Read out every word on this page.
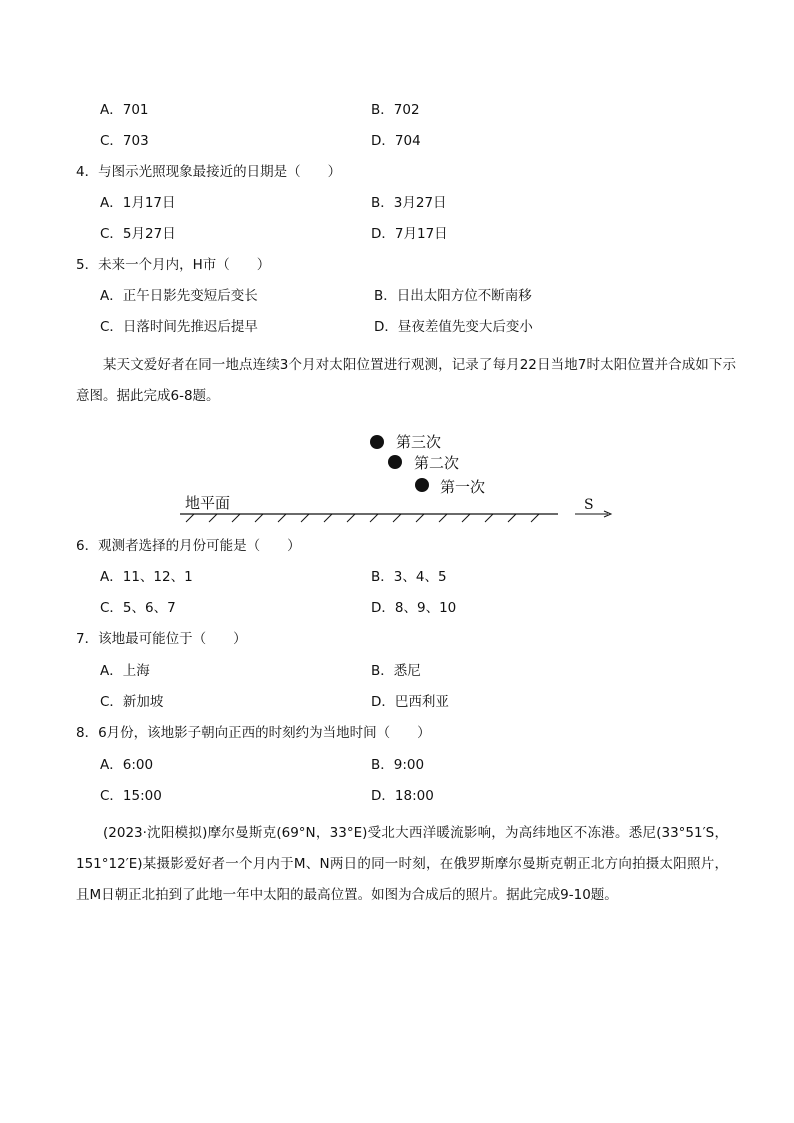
A．701	B．702
C．703	D．704
4．与图示光照现象最接近的日期是（　　）
A．1月17日	B．3月27日
C．5月27日	D．7月17日
5．未来一个月内，H市（　　）
A．正午日影先变短后变长	B．日出太阳方位不断南移
C．日落时间先推迟后提早	D．昼夜差值先变大后变小
某天文爱好者在同一地点连续3个月对太阳位置进行观测，记录了每月22日当地7时太阳位置并合成如下示意图。据此完成6-8题。
第三次
第二次
第一次
地平面	S
6．观测者选择的月份可能是（　　）
A．11、12、1	B．3、4、5
C．5、6、7	D．8、9、10
7．该地最可能位于（　　）
A．上海	B．悉尼
C．新加坡	D．巴西利亚
8．6月份，该地影子朝向正西的时刻约为当地时间（　　）
A．6:00	B．9:00
C．15:00	D．18:00
(2023·沈阳模拟)摩尔曼斯克(69°N，33°E)受北大西洋暖流影响，为高纬地区不冻港。悉尼(33°51′S，151°12′E)某摄影爱好者一个月内于M、N两日的同一时刻，在俄罗斯摩尔曼斯克朝正北方向拍摄太阳照片，且M日朝正北拍到了此地一年中太阳的最高位置。如图为合成后的照片。据此完成9-10题。
